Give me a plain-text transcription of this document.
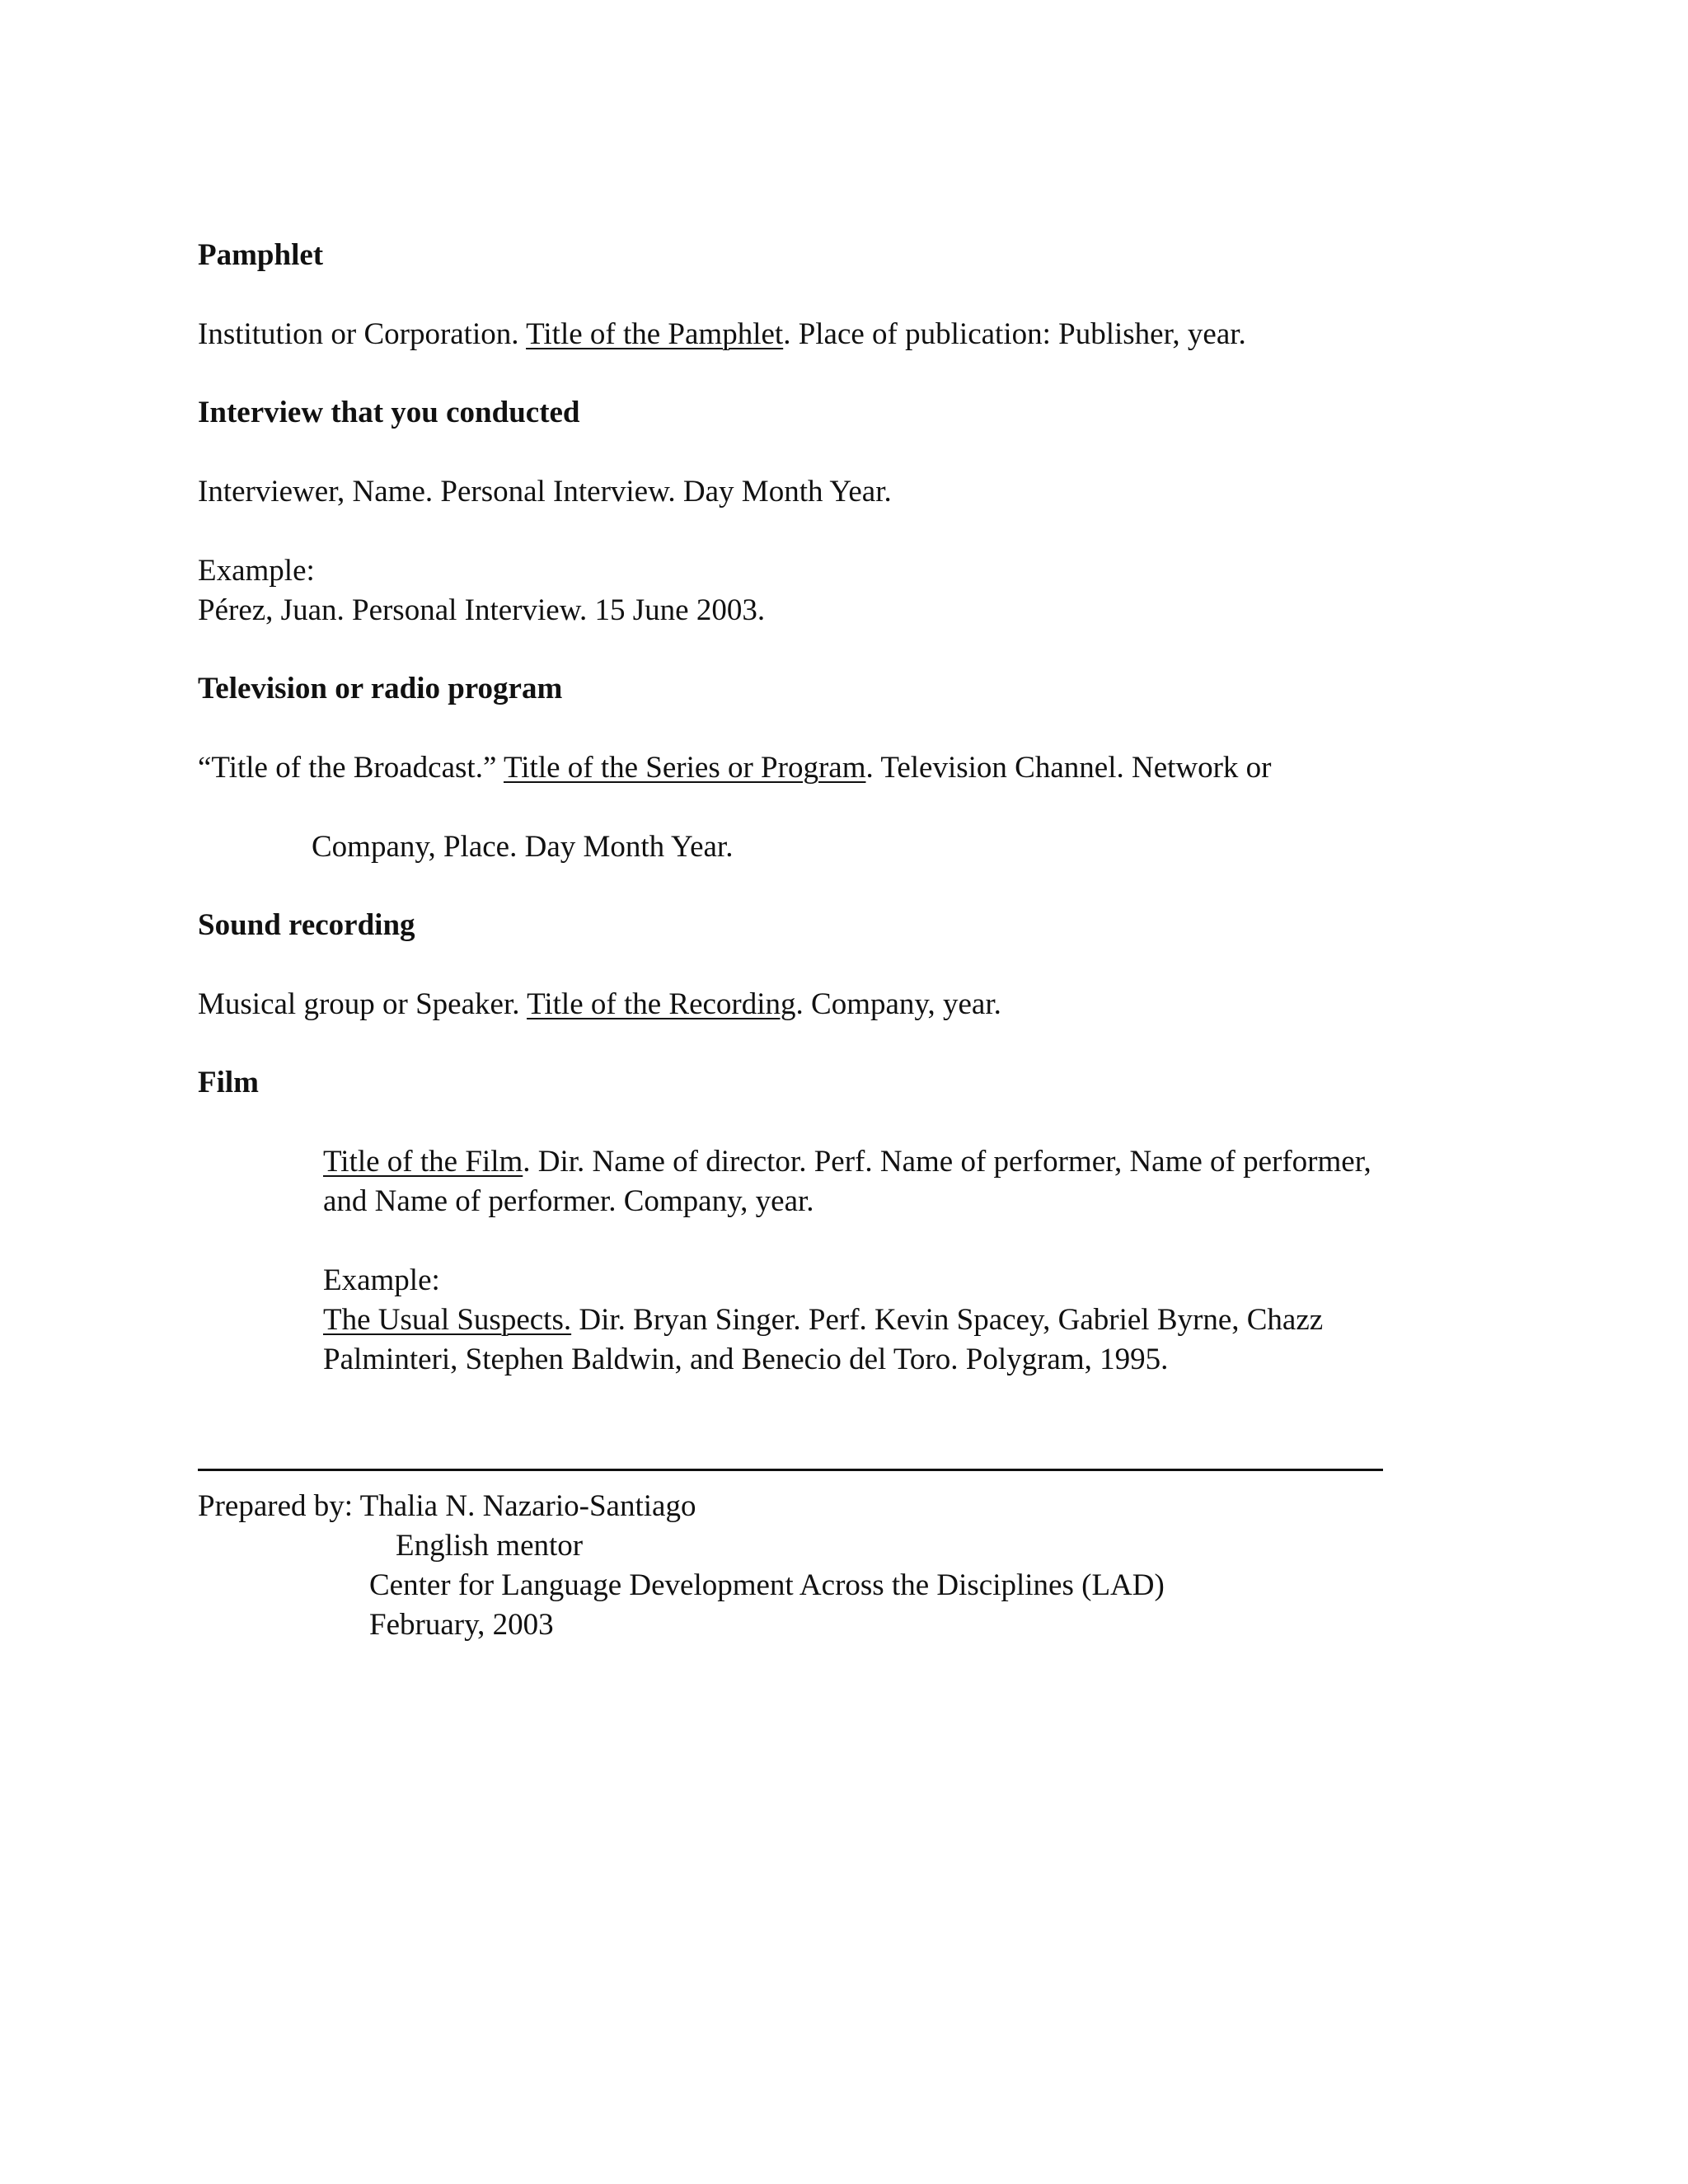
Pamphlet
Institution or Corporation. Title of the Pamphlet. Place of publication: Publisher, year.
Interview that you conducted
Interviewer, Name. Personal Interview. Day Month Year.
Example:
Pérez, Juan. Personal Interview. 15 June 2003.
Television or radio program
“Title of the Broadcast.” Title of the Series or Program. Television Channel. Network or
Company, Place. Day Month Year.
Sound recording
Musical group or Speaker. Title of the Recording. Company, year.
Film
Title of the Film. Dir. Name of director. Perf. Name of performer, Name of performer,
and Name of performer. Company, year.
Example:
The Usual Suspects. Dir. Bryan Singer. Perf. Kevin Spacey, Gabriel Byrne, Chazz
Palminteri, Stephen Baldwin, and Benecio del Toro. Polygram, 1995.
Prepared by: Thalia N. Nazario-Santiago
English mentor
Center for Language Development Across the Disciplines (LAD)
February, 2003
